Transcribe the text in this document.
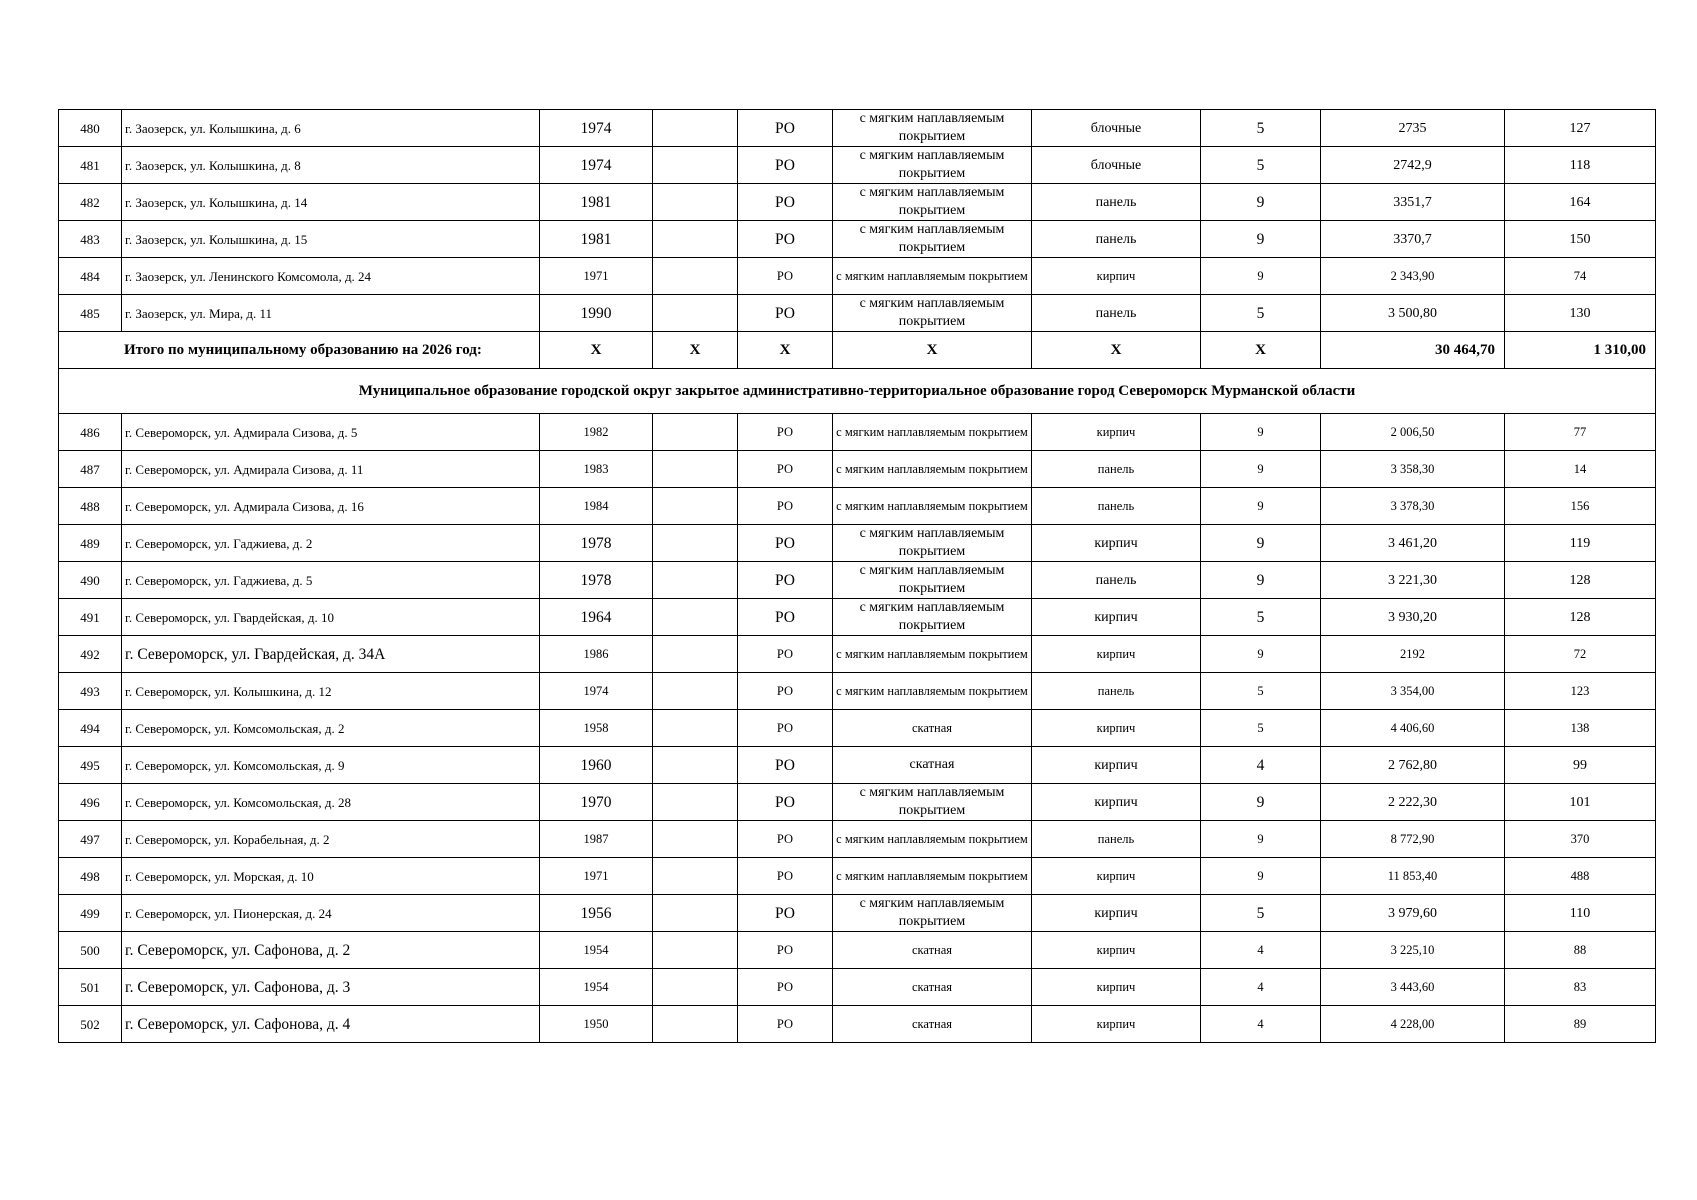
480	г. Заозерск, ул. Колышкина, д. 6	1974		РО	с мягким наплавляемым покрытием	блочные	5	2735	127
481	г. Заозерск, ул. Колышкина, д. 8	1974		РО	с мягким наплавляемым покрытием	блочные	5	2742,9	118
482	г. Заозерск, ул. Колышкина, д. 14	1981		РО	с мягким наплавляемым покрытием	панель	9	3351,7	164
483	г. Заозерск, ул. Колышкина, д. 15	1981		РО	с мягким наплавляемым покрытием	панель	9	3370,7	150
484	г. Заозерск, ул. Ленинского Комсомола, д. 24	1971		РО	с мягким наплавляемым покрытием	кирпич	9	2 343,90	74
485	г. Заозерск, ул. Мира, д. 11	1990		РО	с мягким наплавляемым покрытием	панель	5	3 500,80	130
Итого по муниципальному образованию на 2026 год:		Х	Х	Х	Х	Х	Х	30 464,70	1 310,00
Муниципальное образование городской округ закрытое административно-территориальное образование город Североморск Мурманской области									
486	г. Североморск, ул. Адмирала Сизова, д. 5	1982		РО	с мягким наплавляемым покрытием	кирпич	9	2 006,50	77
487	г. Североморск, ул. Адмирала Сизова, д. 11	1983		РО	с мягким наплавляемым покрытием	панель	9	3 358,30	14
488	г. Североморск, ул. Адмирала Сизова, д. 16	1984		РО	с мягким наплавляемым покрытием	панель	9	3 378,30	156
489	г. Североморск, ул. Гаджиева, д. 2	1978		РО	с мягким наплавляемым покрытием	кирпич	9	3 461,20	119
490	г. Североморск, ул. Гаджиева, д. 5	1978		РО	с мягким наплавляемым покрытием	панель	9	3 221,30	128
491	г. Североморск, ул. Гвардейская, д. 10	1964		РО	с мягким наплавляемым покрытием	кирпич	5	3 930,20	128
492	г. Североморск, ул. Гвардейская, д. 34А	1986		РО	с мягким наплавляемым покрытием	кирпич	9	2192	72
493	г. Североморск, ул. Колышкина, д. 12	1974		РО	с мягким наплавляемым покрытием	панель	5	3 354,00	123
494	г. Североморск, ул. Комсомольская, д. 2	1958		РО	скатная	кирпич	5	4 406,60	138
495	г. Североморск, ул. Комсомольская, д. 9	1960		РО	скатная	кирпич	4	2 762,80	99
496	г. Североморск, ул. Комсомольская, д. 28	1970		РО	с мягким наплавляемым покрытием	кирпич	9	2 222,30	101
497	г. Североморск, ул. Корабельная, д. 2	1987		РО	с мягким наплавляемым покрытием	панель	9	8 772,90	370
498	г. Североморск, ул. Морская, д. 10	1971		РО	с мягким наплавляемым покрытием	кирпич	9	11 853,40	488
499	г. Североморск, ул. Пионерская, д. 24	1956		РО	с мягким наплавляемым покрытием	кирпич	5	3 979,60	110
500	г. Североморск, ул. Сафонова, д. 2	1954		РО	скатная	кирпич	4	3 225,10	88
501	г. Североморск, ул. Сафонова, д. 3	1954		РО	скатная	кирпич	4	3 443,60	83
502	г. Североморск, ул. Сафонова, д. 4	1950		РО	скатная	кирпич	4	4 228,00	89
